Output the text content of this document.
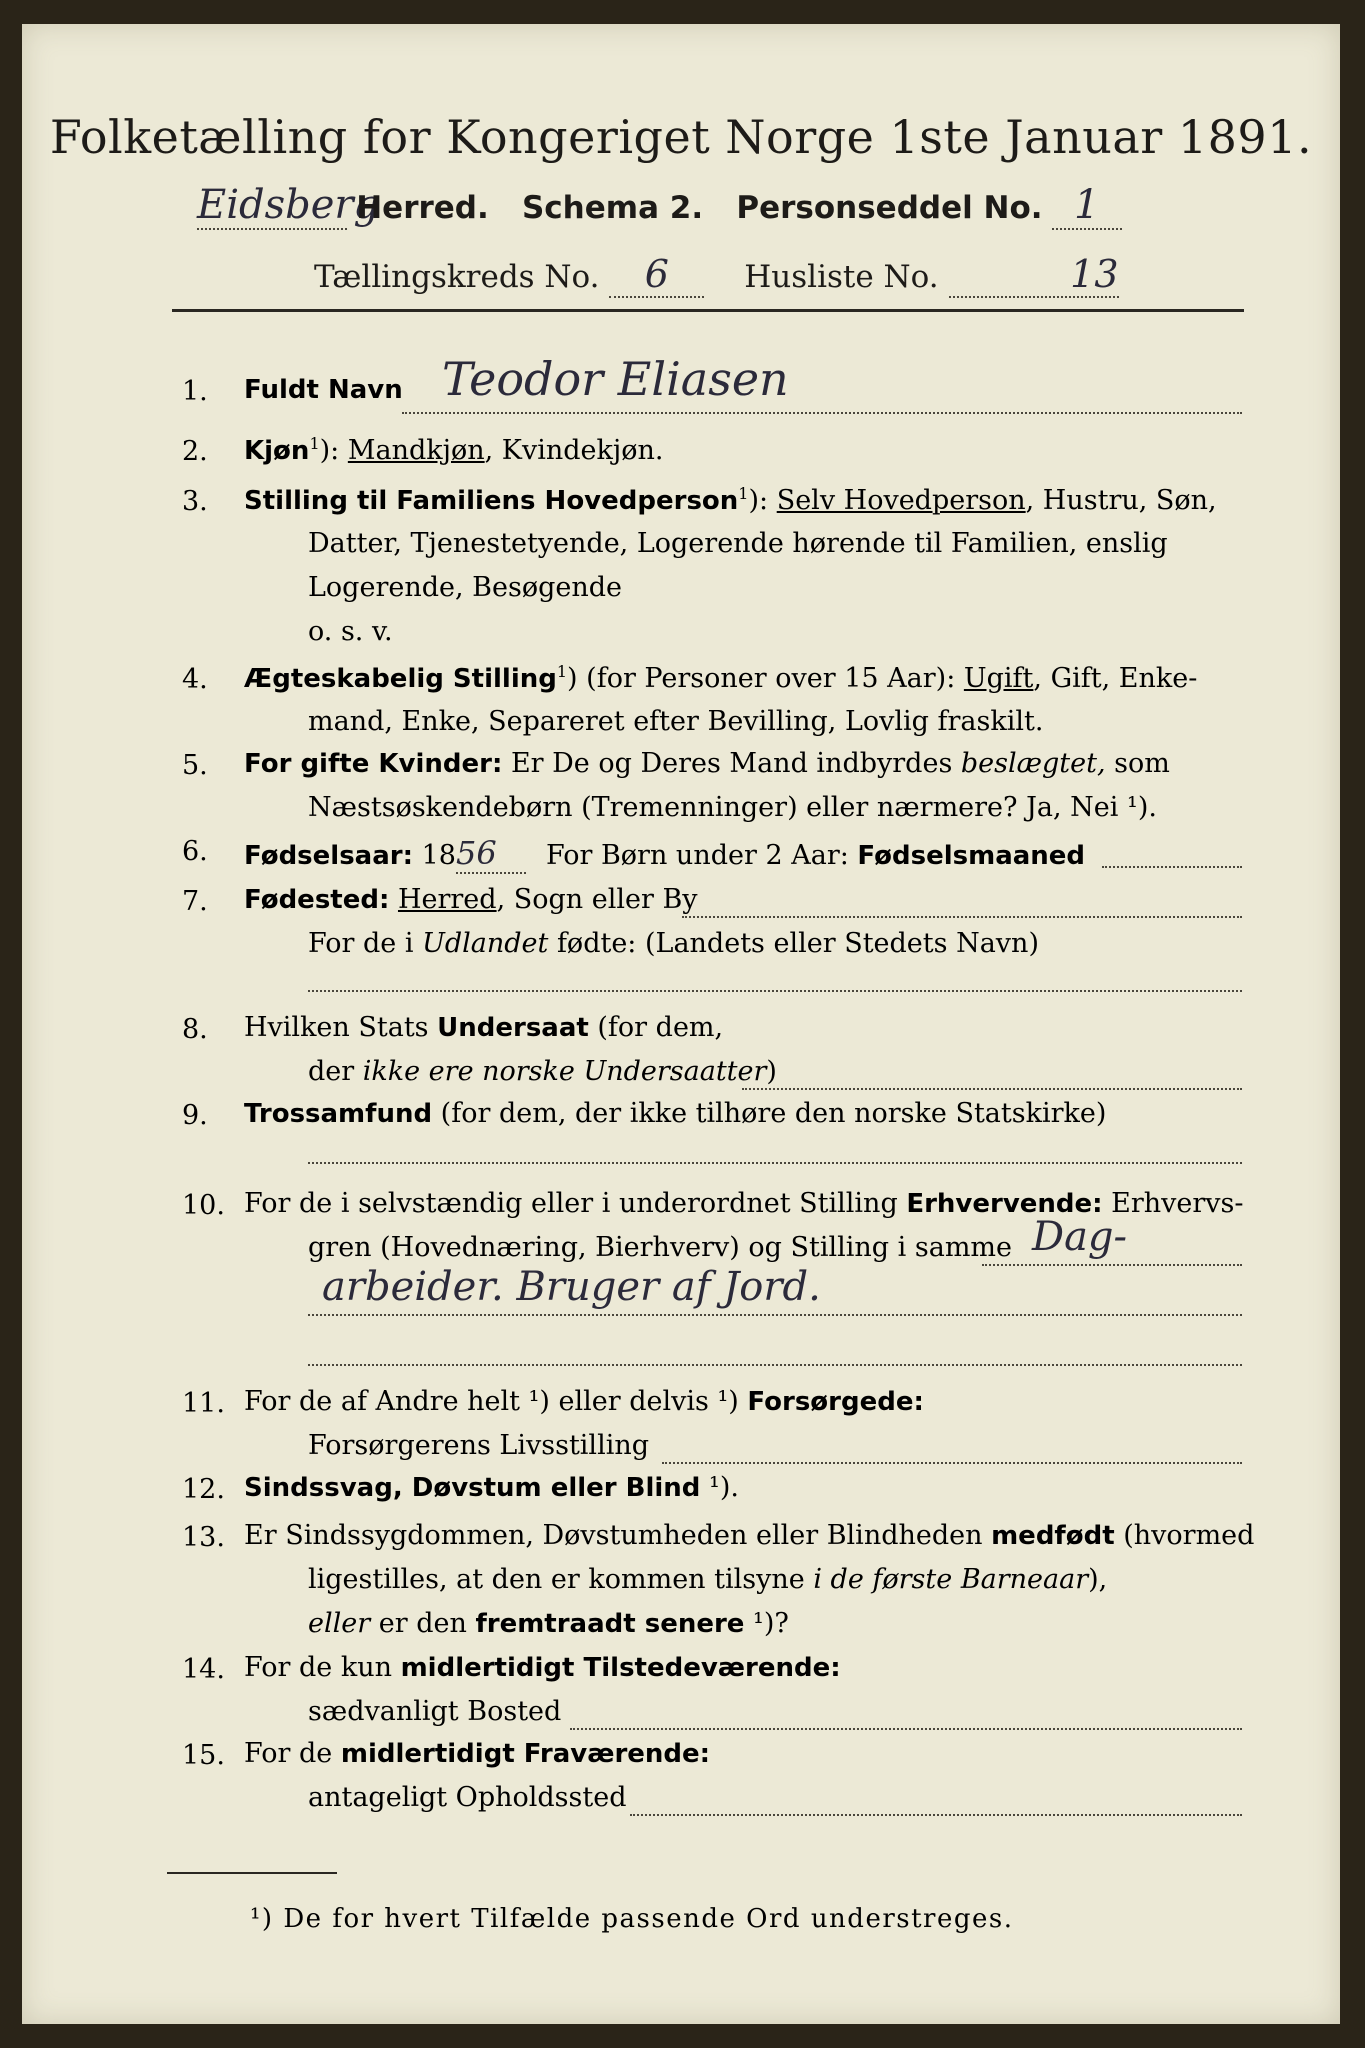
Folketælling for Kongeriget Norge 1ste Januar 1891.
Eidsberg Herred. Schema 2. Personseddel No. 1
Tællingskreds No. 6 Husliste No.	13
1. Fuldt Navn Teodor Eliasen
2. Kjøn$^1$): Mandkjøn, Kvindekjøn.
3. Stilling til Familiens Hovedperson$^1$): Selv Hovedperson, Hustru, Søn,
Datter, Tjenestetyende, Logerende hørende til Familien, enslig
Logerende, Besøgende
o. s. v.
4. Ægteskabelig Stilling$^1$) (for Personer over 15 Aar): Ugift, Gift, Enke-
mand, Enke, Separeret efter Bevilling, Lovlig fraskilt.
5. For gifte Kvinder: Er De og Deres Mand indbyrdes beslægtet, som
Næstsøskendebørn (Tremenninger) eller nærmere? Ja, Nei ¹).
6. Fødselsaar: 1856 For Børn under 2 Aar: Fødselsmaaned
7. Fødested: Herred, Sogn eller By
For de i Udlandet fødte: (Landets eller Stedets Navn)
8. Hvilken Stats Undersaat (for dem,
der ikke ere norske Undersaatter)
9. Trossamfund (for dem, der ikke tilhøre den norske Statskirke)
10. For de i selvstændig eller i underordnet Stilling Erhvervende: Erhvervs-
gren (Hovednæring, Bierhverv) og Stilling i samme Dag-
arbeider. Bruger af Jord.
11. For de af Andre helt ¹) eller delvis ¹) Forsørgede:
Forsørgerens Livsstilling
12. Sindssvag, Døvstum eller Blind ¹).
13. Er Sindssygdommen, Døvstumheden eller Blindheden medfødt (hvormed
ligestilles, at den er kommen tilsyne i de første Barneaar),
eller er den fremtraadt senere ¹)?
14. For de kun midlertidigt Tilstedeværende:
sædvanligt Bosted
15. For de midlertidigt Fraværende:
antageligt Opholdssted
¹) De for hvert Tilfælde passende Ord understreges.
